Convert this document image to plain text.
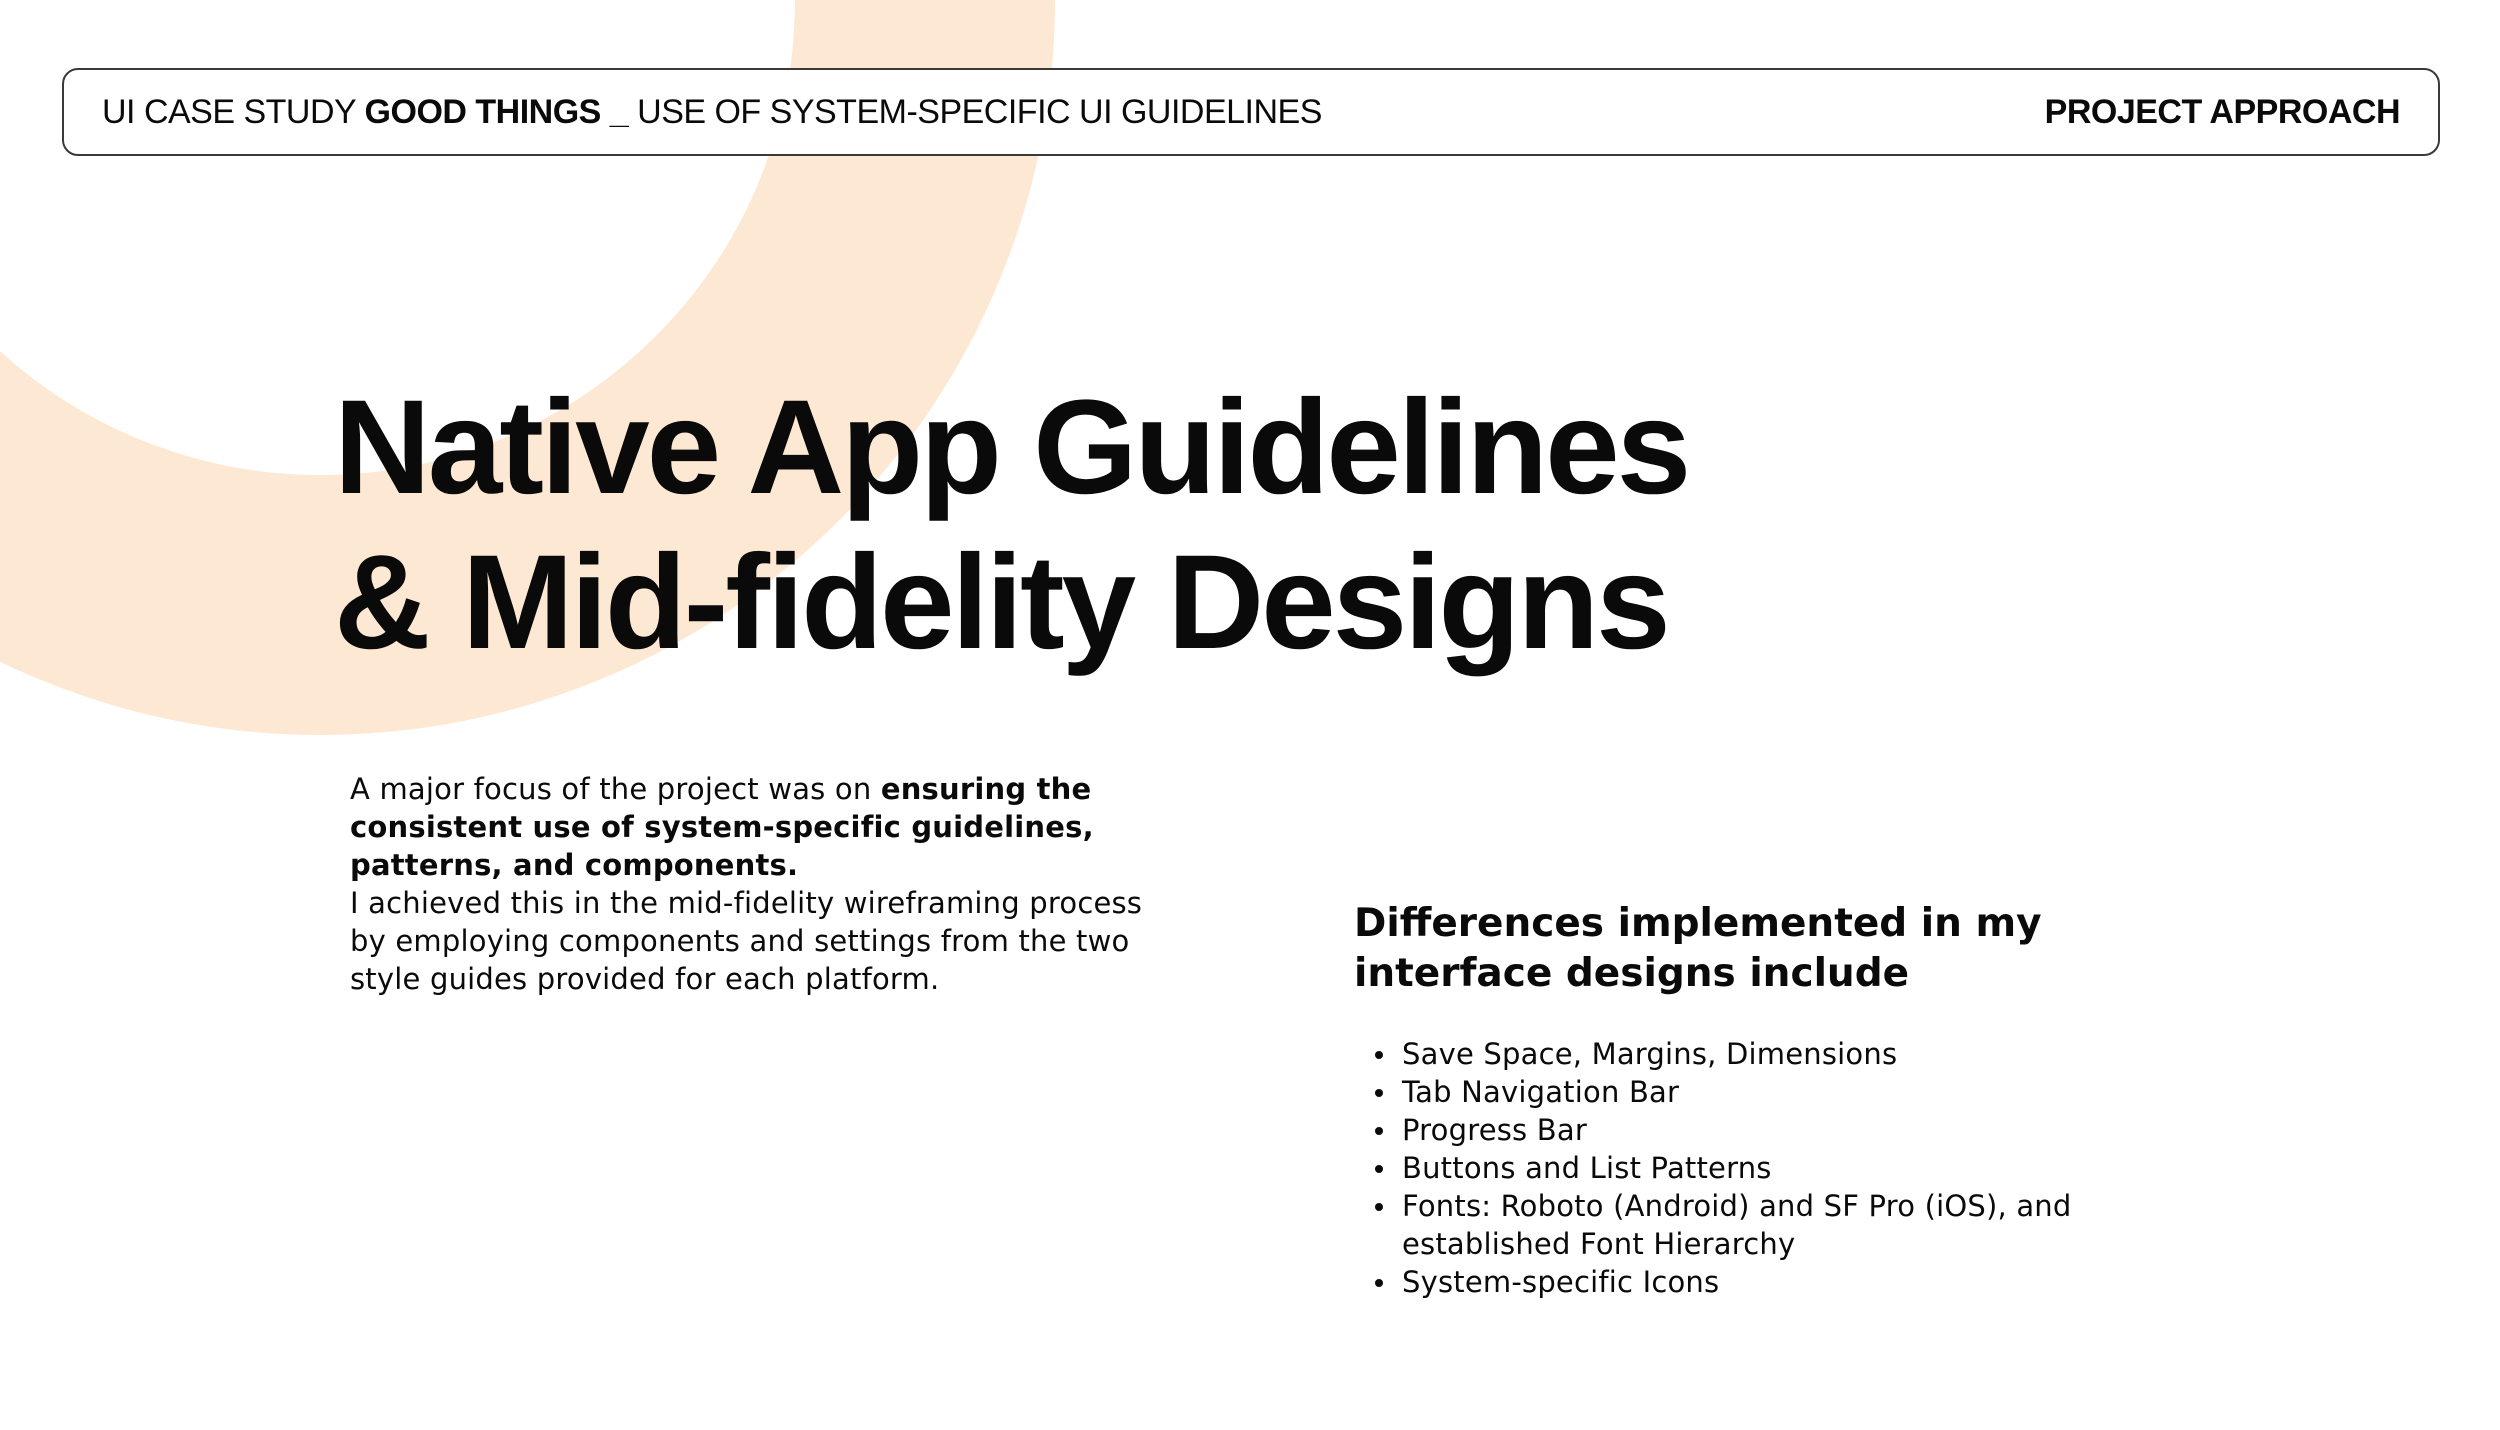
UI CASE STUDY GOOD THINGS _ USE OF SYSTEM-SPECIFIC UI GUIDELINES	PROJECT APPROACH
Native App Guidelines
& Mid-fidelity Designs
A major focus of the project was on ensuring the consistent use of system-specific guidelines, patterns, and components.
I achieved this in the mid-fidelity wireframing process by employing components and settings from the two style guides provided for each platform.
Differences implemented in my interface designs include
Save Space, Margins, Dimensions
Tab Navigation Bar
Progress Bar
Buttons and List Patterns
Fonts: Roboto (Android) and SF Pro (iOS), and established Font Hierarchy
System-specific Icons
